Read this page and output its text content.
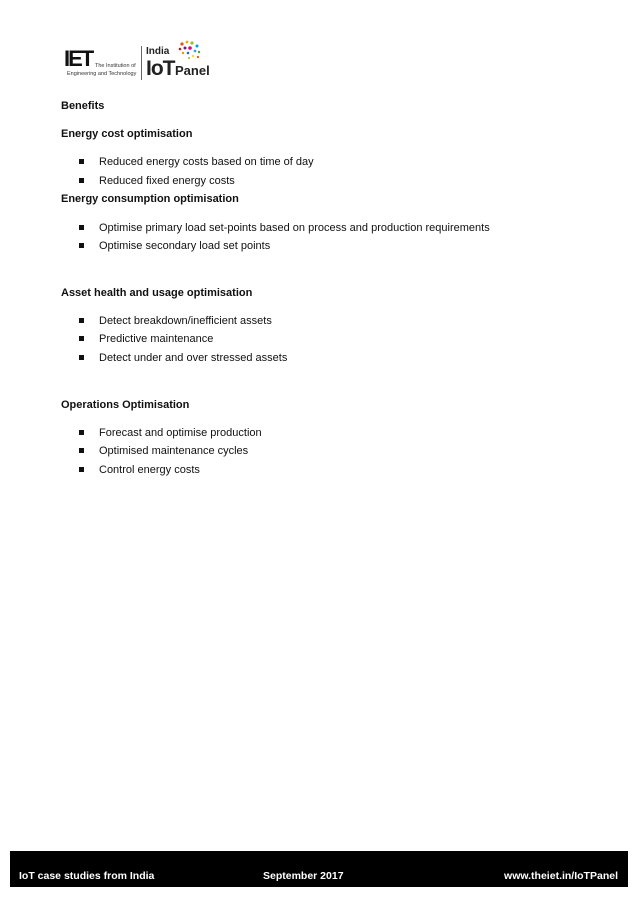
IET The Institution of
Engineering and Technology
India
IoT Panel
Benefits
Energy cost optimisation
Reduced energy costs based on time of day
Reduced fixed energy costs
Energy consumption optimisation
Optimise primary load set-points based on process and production requirements
Optimise secondary load set points
Asset health and usage optimisation
Detect breakdown/inefficient assets
Predictive maintenance
Detect under and over stressed assets
Operations Optimisation
Forecast and optimise production
Optimised maintenance cycles
Control energy costs
IoT case studies from India	September 2017	www.theiet.in/IoTPanel
